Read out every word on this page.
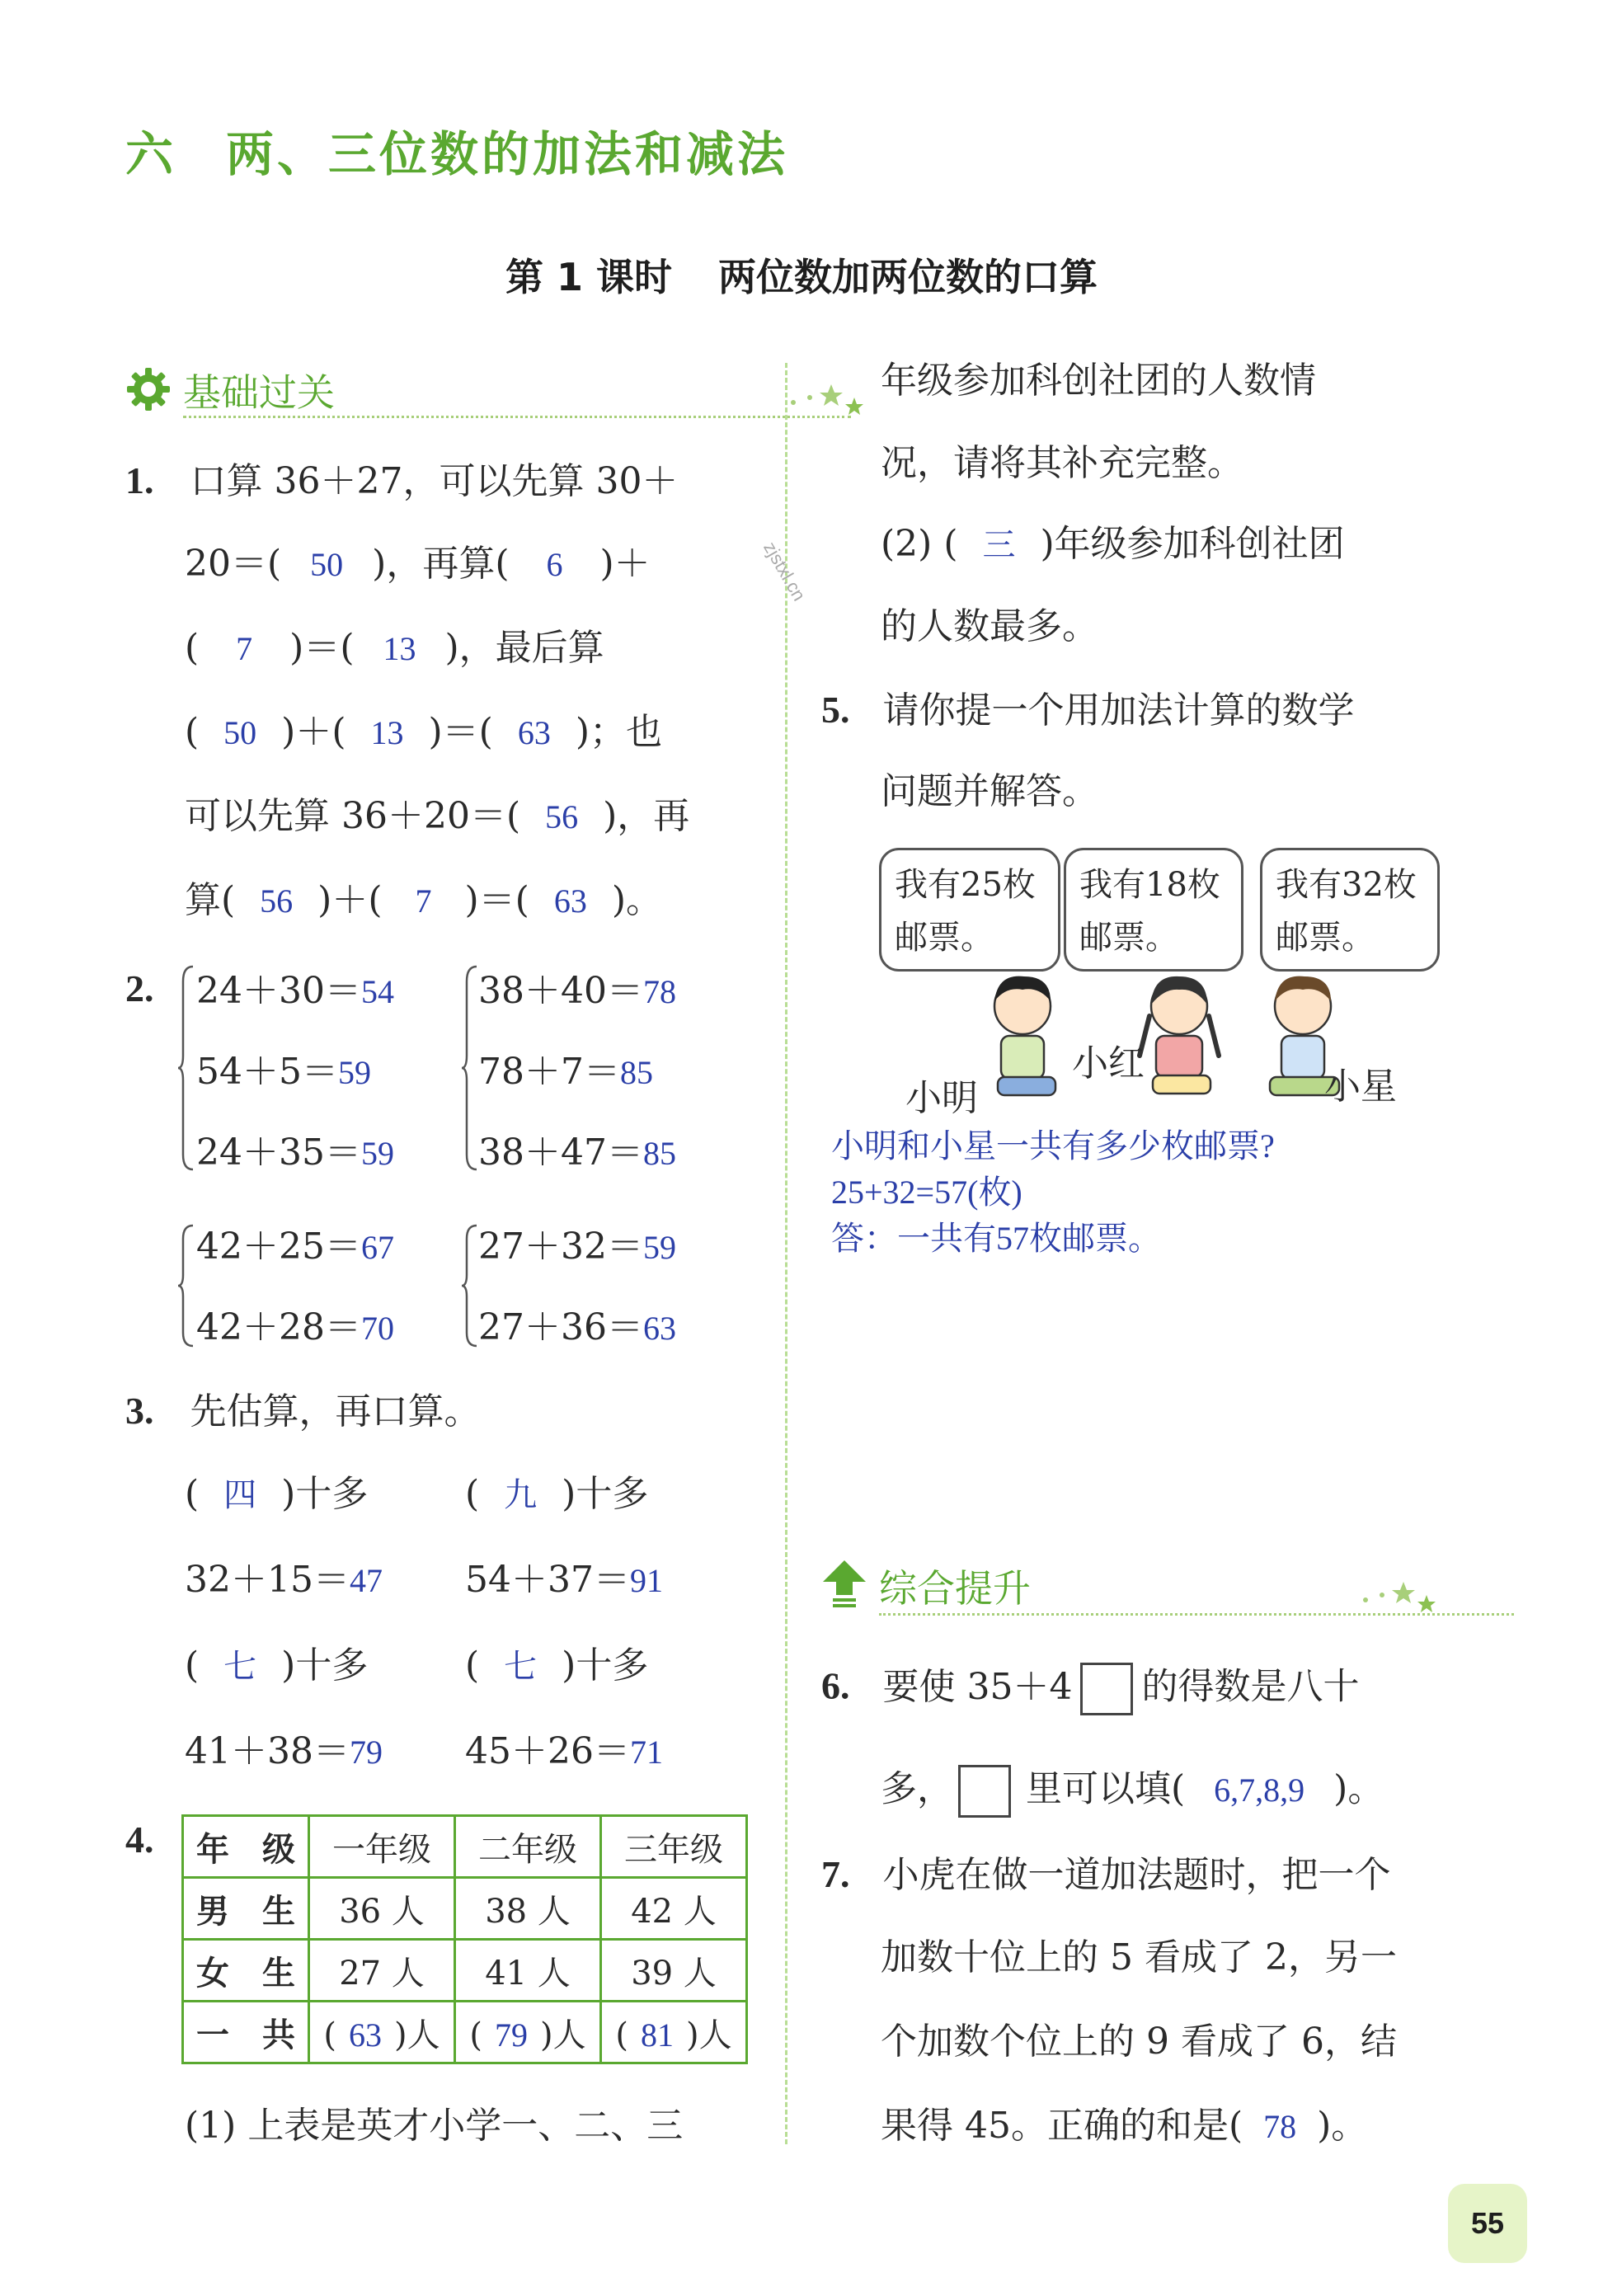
六 两、三位数的加法和减法
第 1 课时 两位数加两位数的口算
基础过关
zjstxl.cn
1. 口算 36＋27，可以先算 30＋
20＝( 50 )，再算( 6 )＋
( 7 )＝( 13 )，最后算
( 50 )＋( 13 )＝( 63 )；也
可以先算 36＋20＝( 56 )，再
算( 56 )＋( 7 )＝( 63 )。
2. 24＋30＝54
54＋5＝59
24＋35＝59
38＋40＝78
78＋7＝85
38＋47＝85
42＋25＝67
42＋28＝70
27＋32＝59
27＋36＝63
3. 先估算，再口算。
( 四 )十多	( 九 )十多
32＋15＝47 54＋37＝91
( 七 )十多	( 七 )十多
41＋38＝79 45＋26＝71
4. 年　级	一年级	二年级	三年级
男　生	36 人	38 人	42 人
女　生	27 人	41 人	39 人
一　共	( 63 )人	( 79 )人	( 81 )人
(1) 上表是英才小学一、二、三
年级参加科创社团的人数情
况，请将其补充完整。
(2) ( 三 )年级参加科创社团
的人数最多。
5. 请你提一个用加法计算的数学
问题并解答。
我有25枚
邮票。
我有18枚
邮票。
我有32枚
邮票。
小明
小红
小星
小明和小星一共有多少枚邮票?
25+32=57(枚)
答：一共有57枚邮票。
综合提升
6. 要使 35＋4 的得数是八十
多， 里可以填( 6,7,8,9 )。
7. 小虎在做一道加法题时，把一个
加数十位上的 5 看成了 2，另一
个加数个位上的 9 看成了 6，结
果得 45。正确的和是( 78 )。
55
